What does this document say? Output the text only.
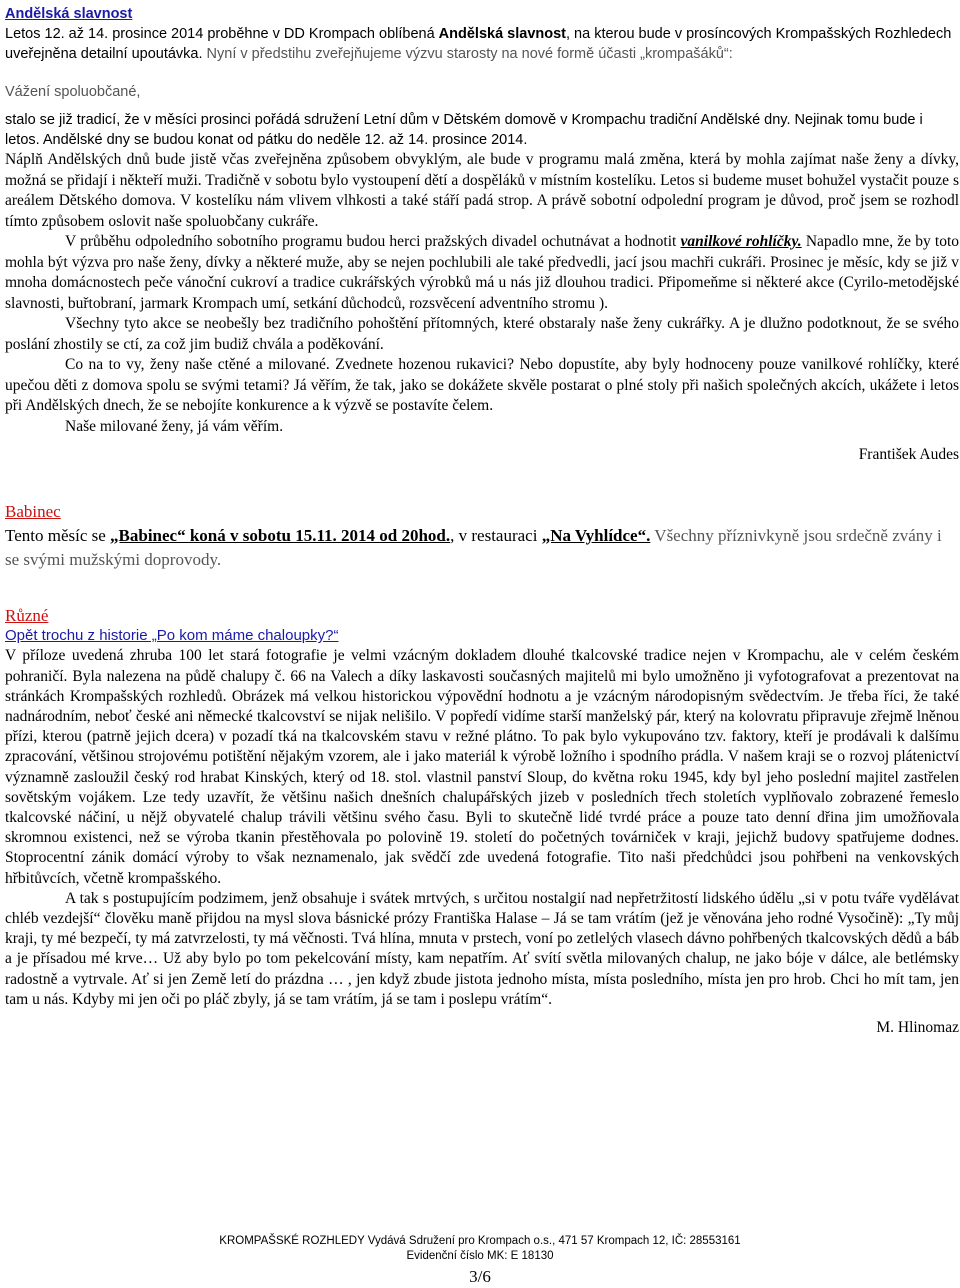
Andělská slavnost

Letos 12. až 14. prosince 2014 proběhne v DD Krompach oblíbená Andělská slavnost, na kterou bude v prosíncových Krompašských Rozhledech uveřejněna detailní upoutávka. Nyní v předstihu zveřejňujeme výzvu starosty na nové formě účasti „krompašáků“:

Vážení spoluobčané,

stalo se již tradicí, že v měsíci prosinci pořádá sdružení Letní dům v Dětském domově v Krompachu tradiční Andělské dny. Nejinak tomu bude i letos. Andělské dny se budou konat od pátku do neděle 12. až 14. prosince 2014.

Náplň Andělských dnů bude jistě včas zveřejněna způsobem obvyklým, ale bude v programu malá změna, která by mohla zajímat naše ženy a dívky, možná se přidají i někteří muži. Tradičně v sobotu bylo vystoupení dětí a dospěláků v místním kostelíku. Letos si budeme muset bohužel vystačit pouze s areálem Dětského domova. V kostelíku nám vlivem vlhkosti a také stáří padá strop. A právě sobotní odpolední program je důvod, proč jsem se rozhodl tímto způsobem oslovit naše spoluobčany cukráře.

V průběhu odpoledního sobotního programu budou herci pražských divadel ochutnávat a hodnotit vanilkové rohlíčky. Napadlo mne, že by toto mohla být výzva pro naše ženy, dívky a některé muže, aby se nejen pochlubili ale také předvedli, jací jsou machři cukráři. Prosinec je měsíc, kdy se již v mnoha domácnostech peče vánoční cukroví a tradice cukrářských výrobků má u nás již dlouhou tradici. Připomeňme si některé akce (Cyrilo-metodějské slavnosti, buřtobraní, jarmark Krompach umí, setkání důchodců, rozsvěcení adventního stromu ).

Všechny tyto akce se neobešly bez tradičního pohoštění přítomných, které obstaraly naše ženy cukrářky. A je dlužno podotknout, že se svého poslání zhostily se ctí, za což jim budiž chvála a poděkování.

Co na to vy, ženy naše ctěné a milované. Zvednete hozenou rukavici? Nebo dopustíte, aby byly hodnoceny pouze vanilkové rohlíčky, které upečou děti z domova spolu se svými tetami? Já věřím, že tak, jako se dokážete skvěle postarat o plné stoly při našich společných akcích, ukážete i letos při Andělských dnech, že se nebojíte konkurence a k výzvě se postavíte čelem.

Naše milované ženy, já vám věřím.

František Audes

Babinec
Tento měsíc se „Babinec“ koná v sobotu 15.11. 2014 od 20hod., v restauraci „Na Vyhlídce“. Všechny příznivkyně jsou srdečně zvány i se svými mužskými doprovody.
Různé
Opět trochu z historie „Po kom máme chaloupky?“

V příloze uvedená zhruba 100 let stará fotografie je velmi vzácným dokladem dlouhé tkalcovské tradice nejen v Krompachu, ale v celém českém pohraničí. Byla nalezena na půdě chalupy č. 66 na Valech a díky laskavosti současných majitelů mi bylo umožněno ji vyfotografovat a prezentovat na stránkách Krompašských rozhledů. Obrázek má velkou historickou výpovědní hodnotu a je vzácným národopisným svědectvím. Je třeba říci, že také nadnárodním, neboť české ani německé tkalcovství se nijak nelišilo. V popředí vidíme starší manželský pár, který na kolovratu připravuje zřejmě lněnou přízi, kterou (patrně jejich dcera) v pozadí tká na tkalcovském stavu v režné plátno. To pak bylo vykupováno tzv. faktory, kteří je prodávali k dalšímu zpracování, většinou strojovému potištění nějakým vzorem, ale i jako materiál k výrobě ložního i spodního prádla. V našem kraji se o rozvoj plátenictví významně zasloužil český rod hrabat Kinských, který od 18. stol. vlastnil panství Sloup, do května roku 1945, kdy byl jeho poslední majitel zastřelen sovětským vojákem. Lze tedy uzavřít, že většinu našich dnešních chalupářských jizeb v posledních třech stoletích vyplňovalo zobrazené řemeslo tkalcovské náčiní, u nějž obyvatelé chalup trávili většinu svého času. Byli to skutečně lidé tvrdé práce a pouze tato denní dřina jim umožňovala skromnou existenci, než se výroba tkanin přestěhovala po polovině 19. století do početných továrniček v kraji, jejichž budovy spatřujeme dodnes. Stoprocentní zánik domácí výroby to však neznamenalo, jak svědčí zde uvedená fotografie. Tito naši předchůdci jsou pohřbeni na venkovských hřbitůvcích, včetně krompašského.

A tak s postupujícím podzimem, jenž obsahuje i svátek mrtvých, s určitou nostalgií nad nepřetržitostí lidského údělu „si v potu tváře vydělávat chléb vezdejší“ člověku maně přijdou na mysl slova básnické prózy Františka Halase – Já se tam vrátím (jež je věnována jeho rodné Vysočině): „Ty můj kraji, ty mé bezpečí, ty má zatvrzelosti, ty má věčnosti. Tvá hlína, mnuta v prstech, voní po zetlelých vlasech dávno pohřbených tkalcovských dědů a báb a je přísadou mé krve… Už aby bylo po tom pekelcování místy, kam nepatřím. Ať svítí světla milovaných chalup, ne jako bóje v dálce, ale betlémsky radostně a vytrvale. Ať si jen Země letí do prázdna … , jen když zbude jistota jednoho místa, místa posledního, místa jen pro hrob. Chci ho mít tam, jen tam u nás. Kdyby mi jen oči po pláč zbyly, já se tam vrátím, já se tam i poslepu vrátím“.

M. Hlinomaz

KROMPAŠSKÉ ROZHLEDY Vydává Sdružení pro Krompach o.s., 471 57 Krompach 12, IČ: 28553161
Evidenční číslo MK: E 18130
3/6
